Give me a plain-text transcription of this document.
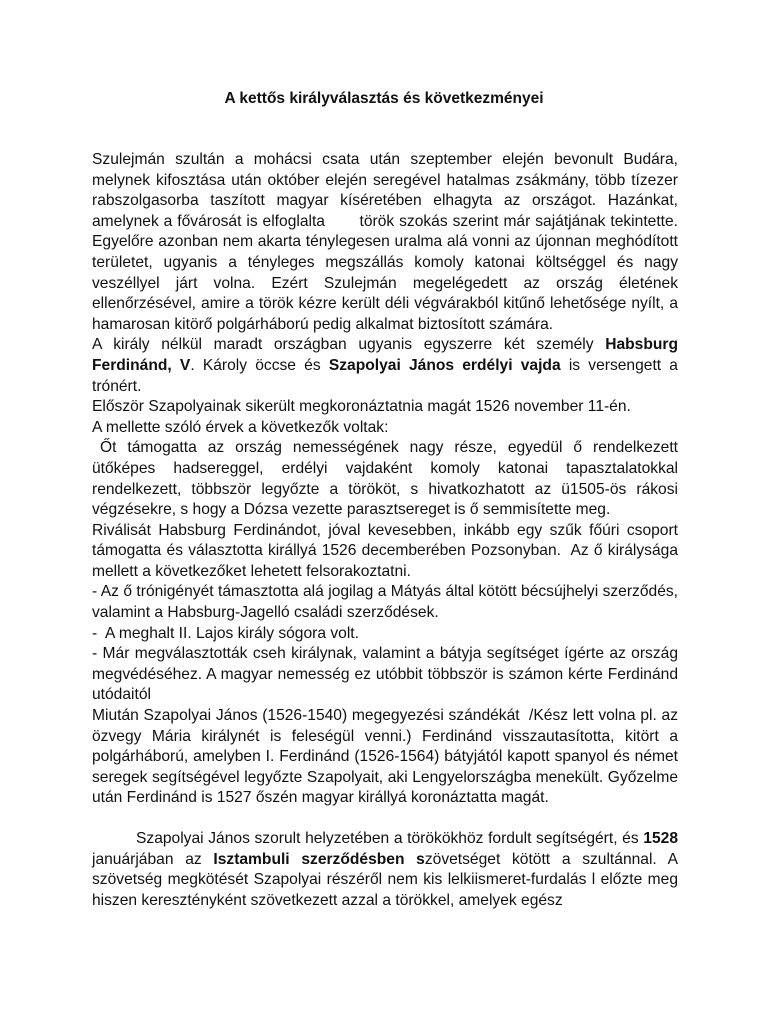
A kettős királyválasztás és következményei

Szulejmán szultán a mohácsi csata után szeptember elején bevonult Budára, melynek kifosztása után október elején seregével hatalmas zsákmány, több tízezer rabszolgasorba taszított magyar kíséretében elhagyta az országot. Hazánkat, amelynek a fővárosát is elfoglalta       török szokás szerint már sajátjának tekintette.  Egyelőre azonban nem akarta ténylegesen uralma alá vonni az újonnan meghódított területet, ugyanis a tényleges megszállás komoly katonai költséggel és nagy veszéllyel járt volna. Ezért Szulejmán megelégedett az ország életének ellenőrzésével, amire a török kézre került déli végvárakból kitűnő lehetősége nyílt, a hamarosan kitörő polgárháború pedig alkalmat biztosított számára.

A király nélkül maradt országban ugyanis egyszerre két személy Habsburg Ferdinánd, V. Károly öccse és Szapolyai János erdélyi vajda is versengett a trónért.

Először Szapolyainak sikerült megkoronáztatnia magát 1526 november 11-én.

A mellette szóló érvek a következők voltak:

Őt támogatta az ország nemességének nagy része, egyedül ő rendelkezett ütőképes hadsereggel, erdélyi vajdaként komoly katonai tapasztalatokkal rendelkezett, többször legyőzte a törököt, s hivatkozhatott az ü1505-ös rákosi végzésekre, s hogy a Dózsa vezette parasztsereget is ő semmisítette meg.

Riválisát Habsburg Ferdinándot, jóval kevesebben, inkább egy szűk főúri csoport támogatta és választotta királlyá 1526 decemberében Pozsonyban.  Az ő királysága mellett a következőket lehetett felsorakoztatni.

- Az ő trónigényét támasztotta alá jogilag a Mátyás által kötött bécsújhelyi szerződés, valamint a Habsburg-Jagelló családi szerződések.

-  A meghalt II. Lajos király sógora volt.

- Már megválasztották cseh királynak, valamint a bátyja segítséget ígérte az ország megvédéséhez. A magyar nemesség ez utóbbit többször is számon kérte Ferdinánd utódaitól

Miután Szapolyai János (1526-1540) megegyezési szándékát  /Kész lett volna pl. az özvegy Mária királynét is feleségül venni.) Ferdinánd visszautasította, kitört a polgárháború, amelyben I. Ferdinánd (1526-1564) bátyjától kapott spanyol és német seregek segítségével legyőzte Szapolyait, aki Lengyelországba menekült. Győzelme után Ferdinánd is 1527 őszén magyar királlyá koronáztatta magát.

Szapolyai János szorult helyzetében a törökökhöz fordult segítségért, és 1528 januárjában az Isztambuli szerződésben szövetséget kötött a szultánnal. A szövetség megkötését Szapolyai részéről nem kis lelkiismeret-furdalás l előzte meg hiszen keresztényként szövetkezett azzal a törökkel, amelyek egész
